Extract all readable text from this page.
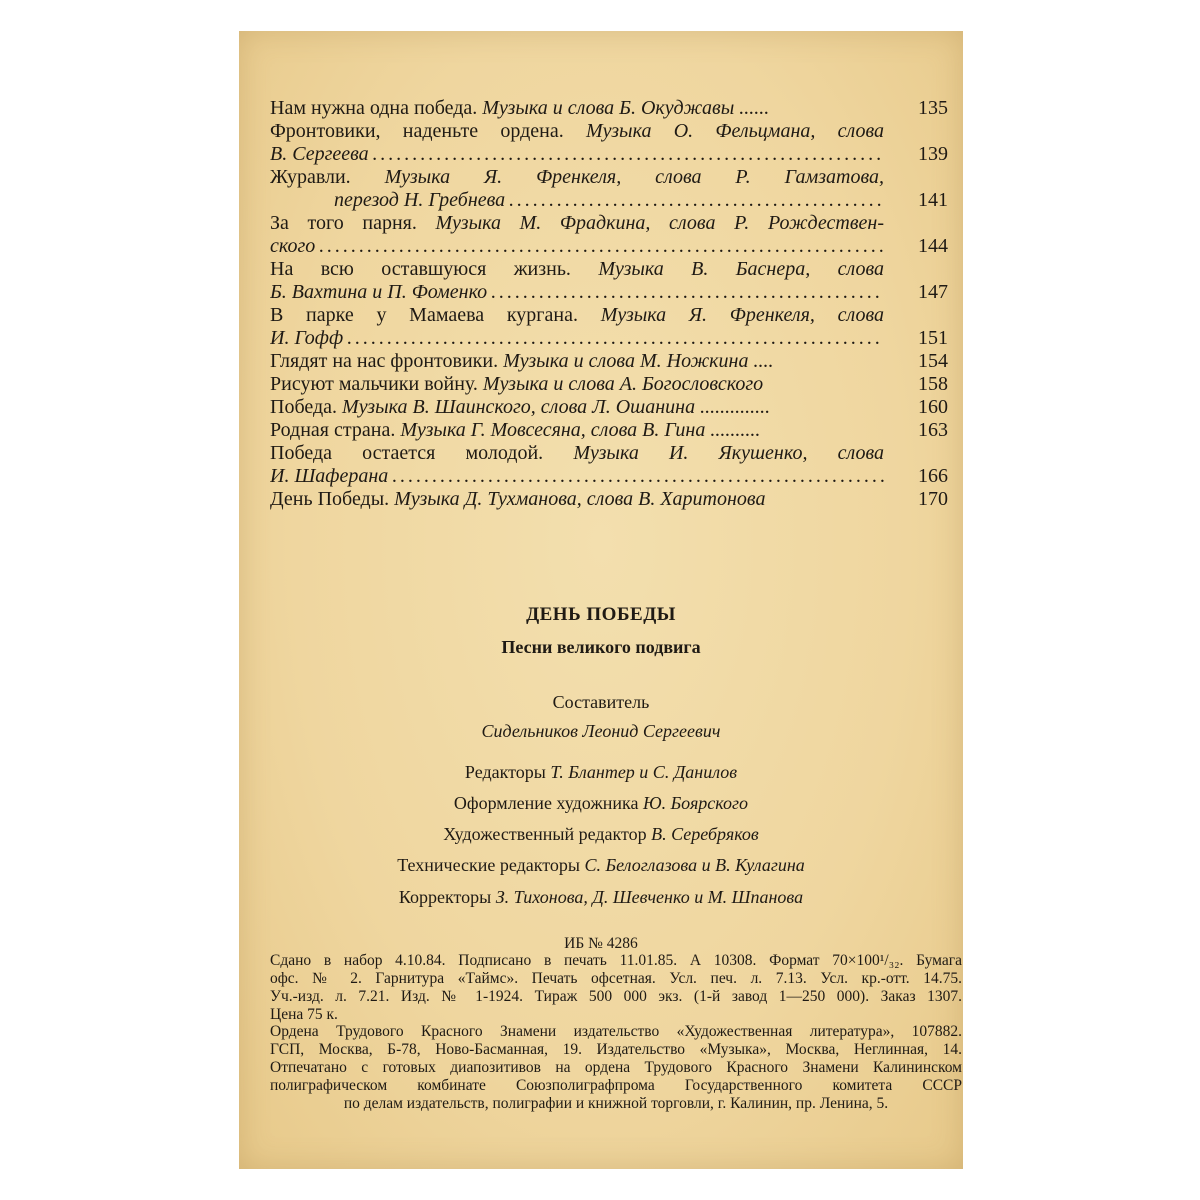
Нам нужна одна победа. Музыка и слова Б. Окуджавы ......	135
Фронтовики, наденьте ордена. Музыка О. Фельцмана, слова
В. Сергеева . . .	139
Журавли. Музыка Я. Френкеля, слова Р. Гамзатова,
перезод Н. Гребнева . . .	141
За того парня. Музыка М. Фрадкина, слова Р. Рождествен-
ского . . .	144
На всю оставшуюся жизнь. Музыка В. Баснера, слова
Б. Вахтина и П. Фоменко . . .	147
В парке у Мамаева кургана. Музыка Я. Френкеля, слова
И. Гофф . . .	151
Глядят на нас фронтовики. Музыка и слова М. Ножкина ....	154
Рисуют мальчики войну. Музыка и слова А. Богословского	158
Победа. Музыка В. Шаинского, слова Л. Ошанина ..............	160
Родная страна. Музыка Г. Мовсесяна, слова В. Гина ..........	163
Победа остается молодой. Музыка И. Якушенко, слова
И. Шаферана . . .	166
День Победы. Музыка Д. Тухманова, слова В. Харитонова	170
ДЕНЬ ПОБЕДЫ
Песни великого подвига
Составитель
Сидельников Леонид Сергеевич
Редакторы Т. Блантер и С. Данилов
Оформление художника Ю. Боярского
Художественный редактор В. Серебряков
Технические редакторы С. Белоглазова и В. Кулагина
Корректоры З. Тихонова, Д. Шевченко и М. Шпанова
ИБ № 4286
Сдано в набор 4.10.84. Подписано в печать 11.01.85. А 10308. Формат 70×100¹/₃₂. Бумага
офс. № 2. Гарнитура «Таймс». Печать офсетная. Усл. печ. л. 7.13. Усл. кр.-отт. 14.75.
Уч.-изд. л. 7.21. Изд. № 1-1924. Тираж 500 000 экз. (1-й завод 1—250 000). Заказ 1307.
Цена 75 к.
Ордена Трудового Красного Знамени издательство «Художественная литература», 107882.
ГСП, Москва, Б-78, Ново-Басманная, 19. Издательство «Музыка», Москва, Неглинная, 14.
Отпечатано с готовых диапозитивов на ордена Трудового Красного Знамени Калининском
полиграфическом комбинате Союзполиграфпрома Государственного комитета СССР
по делам издательств, полиграфии и книжной торговли, г. Калинин, пр. Ленина, 5.
